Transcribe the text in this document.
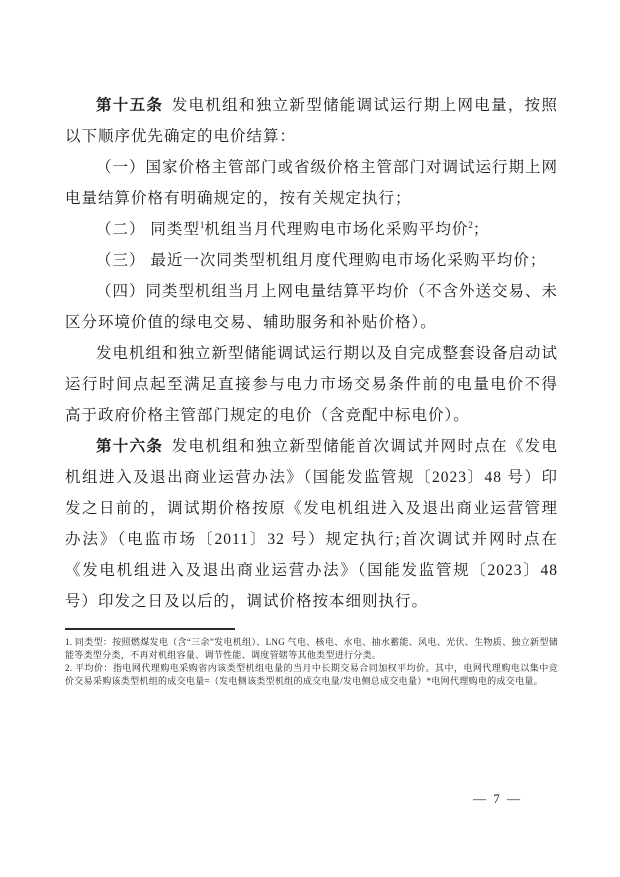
第十五条 发电机组和独立新型储能调试运行期上网电量，按照以下顺序优先确定的电价结算：

（一）国家价格主管部门或省级价格主管部门对调试运行期上网电量结算价格有明确规定的，按有关规定执行；

（二） 同类型$^1$机组当月代理购电市场化采购平均价$^2$；

（三） 最近一次同类型机组月度代理购电市场化采购平均价；

（四）同类型机组当月上网电量结算平均价（不含外送交易、未区分环境价值的绿电交易、辅助服务和补贴价格）。

发电机组和独立新型储能调试运行期以及自完成整套设备启动试运行时间点起至满足直接参与电力市场交易条件前的电量电价不得高于政府价格主管部门规定的电价（含竞配中标电价）。

第十六条 发电机组和独立新型储能首次调试并网时点在《发电机组进入及退出商业运营办法》（国能发监管规〔2023〕48 号）印发之日前的，调试期价格按原《发电机组进入及退出商业运营管理办法》（电监市场〔2011〕32 号）规定执行;首次调试并网时点在《发电机组进入及退出商业运营办法》（国能发监管规〔2023〕48 号）印发之日及以后的，调试价格按本细则执行。

1. 同类型：按照燃煤发电（含“三余”发电机组）、LNG 气电、核电、水电、抽水蓄能、风电、光伏、生物质、独立新型储能等类型分类，不再对机组容量、调节性能、调度管辖等其他类型进行分类。
2. 平均价：指电网代理购电采购省内该类型机组电量的当月中长期交易合同加权平均价。其中，电网代理购电以集中竞价交易采购该类型机组的成交电量=（发电侧该类型机组的成交电量/发电侧总成交电量）*电网代理购电的成交电量。
— 7 —
